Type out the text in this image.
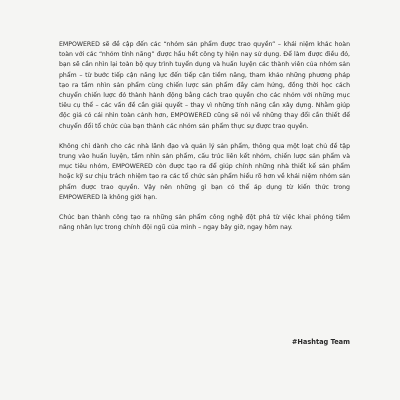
EMPOWERED sẽ đề cập đến các “nhóm sản phẩm được trao quyền” – khái niệm khác hoàn toàn với các “nhóm tính năng” được hầu hết công ty hiện nay sử dụng. Để làm được điều đó, bạn sẽ cần nhìn lại toàn bộ quy trình tuyển dụng và huấn luyện các thành viên của nhóm sản phẩm – từ bước tiếp cận năng lực đến tiếp cận tiềm năng, tham khảo những phương pháp tạo ra tầm nhìn sản phẩm cùng chiến lược sản phẩm đầy cảm hứng, đồng thời học cách chuyển chiến lược đó thành hành động bằng cách trao quyền cho các nhóm với những mục tiêu cụ thể – các vấn đề cần giải quyết – thay vì những tính năng cần xây dựng. Nhằm giúp độc giả có cái nhìn toàn cảnh hơn, EMPOWERED cũng sẽ nói về những thay đổi cần thiết để chuyển đổi tổ chức của bạn thành các nhóm sản phẩm thực sự được trao quyền.

Không chỉ dành cho các nhà lãnh đạo và quản lý sản phẩm, thông qua một loạt chủ đề tập trung vào huấn luyện, tầm nhìn sản phẩm, cấu trúc liên kết nhóm, chiến lược sản phẩm và mục tiêu nhóm, EMPOWERED còn được tạo ra để giúp chính những nhà thiết kế sản phẩm hoặc kỹ sư chịu trách nhiệm tạo ra các tổ chức sản phẩm hiểu rõ hơn về khái niệm nhóm sản phẩm được trao quyền. Vậy nên những gì bạn có thể áp dụng từ kiến thức trong EMPOWERED là không giới hạn.

Chúc bạn thành công tạo ra những sản phẩm công nghệ đột phá từ việc khai phóng tiềm năng nhân lực trong chính đội ngũ của mình – ngay bây giờ, ngay hôm nay.

#Hashtag Team
